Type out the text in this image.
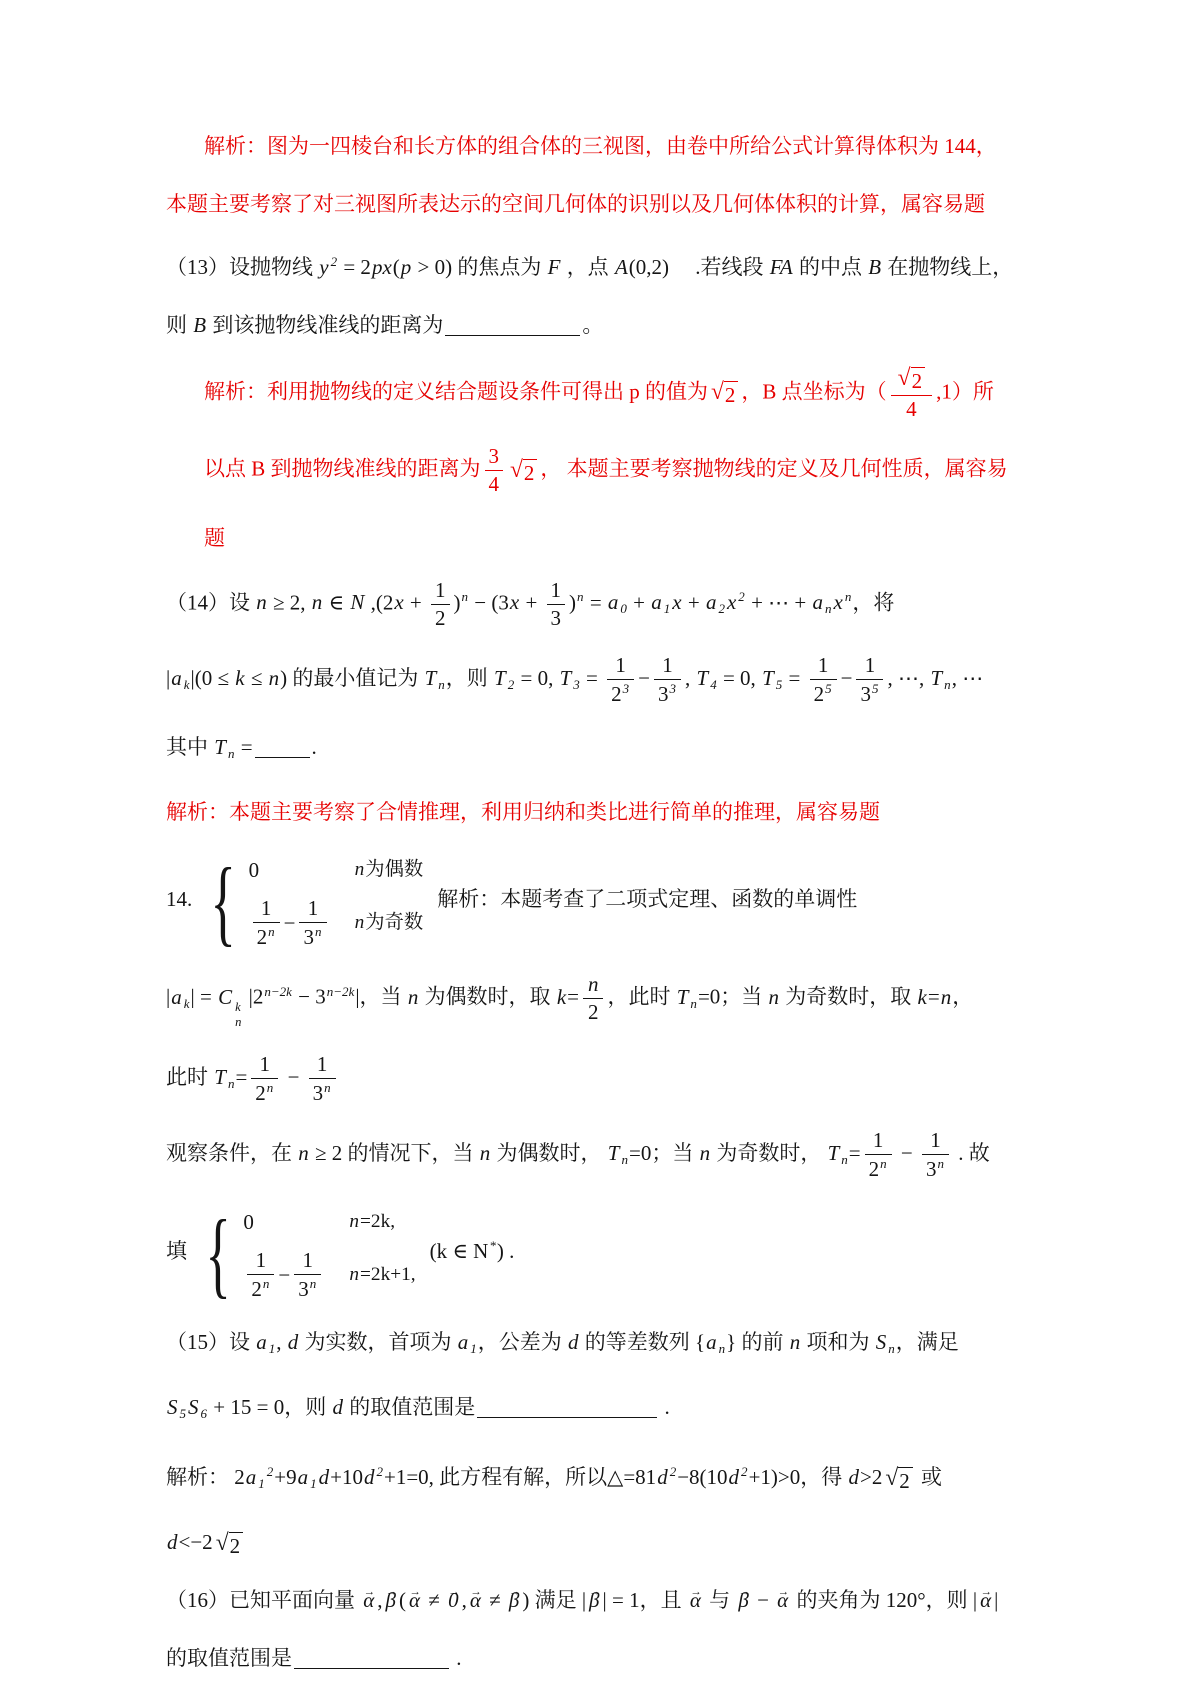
解析：图为一四棱台和长方体的组合体的三视图，由卷中所给公式计算得体积为 144，
本题主要考察了对三视图所表达示的空间几何体的识别以及几何体体积的计算，属容易题
（13）设抛物线 y $^2$ = 2px(p > 0) 的焦点为 F ，点 A(0,2)　 .若线段 FA 的中点 B 在抛物线上，
则 B 到该抛物线准线的距离为	。
解析：利用抛物线的定义结合题设条件可得出 p 的值为 √ 2 ，B 点坐标为（ $\frac{√ 2}{4} ,1$）所
以点 B 到抛物线准线的距离为 $\frac{3}{4}$ √ 2 ， 本题主要考察抛物线的定义及几何性质，属容易
题
（14）设 n ≥ 2, n ∈ N $,(2x + \frac{1}{2} )^n - (3x + \frac{1}{3} )^n = a$ $_0$ + a $_1$x + a $_2$x $^2$ + ⋯ + a $_n$x $^n$，将
|a $_k$|(0 ≤ k ≤ n) 的最小值记为 T $_n$，则 T $_2$ = 0, T $_3 = \frac{1}{2^3} - \frac{1}{3^3}$ , T $_4$ = 0, T $_5 = \frac{1}{2^5} - \frac{1}{3^5}$ , ⋯, T $_n$, ⋯
其中 T $_n$ =	.
解析：本题主要考察了合情推理，利用归纳和类比进行简单的推理，属容易题
14. { 0	n为偶数
$\frac{1}{2^n} - \frac{1}{3^n}$ n为奇数
解析：本题考查了二项式定理、函数的单调性
|a $_k$| = C k
n
$|2^{n-2k} - 3^{n-2k}|$，当 n 为偶数时，取 $k= \frac{n}{2}$ ，此时 T $_n$=0；当 n 为奇数时，取 k=n，
此时 T $_n= \frac{1}{2^n} - \frac{1}{3^n}$
观察条件，在 n ≥ 2 的情况下，当 n 为偶数时， T $_n$=0；当 n 为奇数时， T $_n= \frac{1}{2^n} - \frac{1}{3^n}$ . 故
填 { 0	n=2k,
$\frac{1}{2^n} - \frac{1}{3^n} n=2k+1$,
(k ∈ N*) .
（15）设 a $_1$, d 为实数，首项为 a $_1$，公差为 d 的等差数列 {a $_n$} 的前 n 项和为 S $_n$，满足
S $_5$S $_6$ + 15 = 0，则 d 的取值范围是	.
解析： 2a $_1^2$+9a $_1$d+10d $^2$+1=0, 此方程有解，所以△=81d $^2$−8(10d $^2$+1)>0，得 d>2 √ 2 或
d<−2 √ 2
（16）已知平面向量 α → , β → ( α → ≠ 0 → , α → ≠ β → ) 满足 | β → | = 1，且 α → 与 β → − α → 的夹角为 120°，则 | α → |
的取值范围是	.
